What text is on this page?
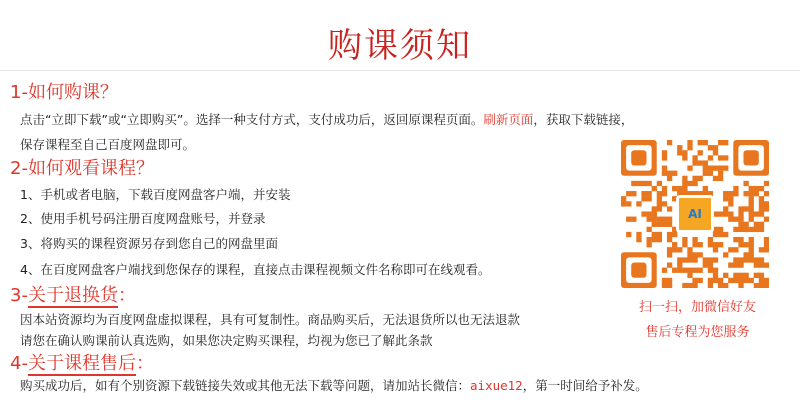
购课须知
1-如何购课？
点击“立即下载”或“立即购买”。选择一种支付方式，支付成功后，返回原课程页面。刷新页面，获取下载链接，
保存课程至自己百度网盘即可。
2-如何观看课程？
1、手机或者电脑，下载百度网盘客户端，并安装
2、使用手机号码注册百度网盘账号，并登录
3、将购买的课程资源另存到您自己的网盘里面
4、在百度网盘客户端找到您保存的课程，直接点击课程视频文件名称即可在线观看。
3-关于退换货：
因本站资源均为百度网盘虚拟课程，具有可复制性。商品购买后，无法退货所以也无法退款
请您在确认购课前认真选购，如果您决定购买课程，均视为您已了解此条款
4-关于课程售后：
购买成功后，如有个别资源下载链接失效或其他无法下载等问题，请加站长微信：aixue12，第一时间给予补发。
AI
扫一扫，加微信好友
售后专程为您服务
